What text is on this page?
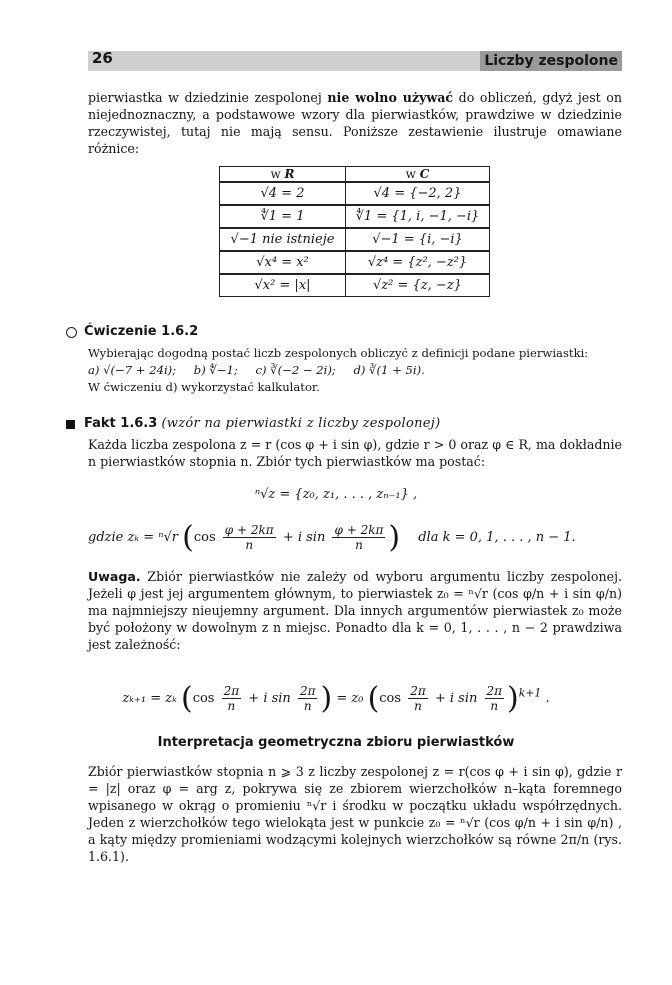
26	Liczby zespolone
pierwiastka w dziedzinie zespolonej nie wolno używać do obliczeń, gdyż jest on niejednoznaczny, a podstawowe wzory dla pierwiastków, prawdziwe w dziedzinie rzeczywistej, tutaj nie mają sensu. Poniższe zestawienie ilustruje omawiane różnice:
w R	w C
√4 = 2	√4 = {−2, 2}
∜1 = 1	∜1 = {1, i, −1, −i}
√−1 nie istnieje	√−1 = {i, −i}
√x⁴ = x²	√z⁴ = {z², −z²}
√x² = |x|	√z² = {z, −z}
Ćwiczenie 1.6.2
Wybierając dogodną postać liczb zespolonych obliczyć z definicji podane pierwiastki:
a) √(−7 + 24i); b) ∜−1; c) ∛(−2 − 2i); d) ∛(1 + 5i).
W ćwiczeniu d) wykorzystać kalkulator.
Fakt 1.6.3 (wzór na pierwiastki z liczby zespolonej)
Każda liczba zespolona z = r (cos φ + i sin φ), gdzie r > 0 oraz φ ∈ R, ma dokładnie n pierwiastków stopnia n. Zbiór tych pierwiastków ma postać:
ⁿ√z = {z₀, z₁, . . . , zₙ₋₁} ,
gdzie zₖ = ⁿ√r ($\cos \frac{\varphi + 2k\pi}{n} + i$ $\sin \frac{\varphi + 2k\pi}{n}$ ) dla k = 0, 1, . . . , n − 1.
Uwaga. Zbiór pierwiastków nie zależy od wyboru argumentu liczby zespolonej. Jeżeli φ jest jej argumentem głównym, to pierwiastek z₀ = ⁿ√r (cos φ/n + i sin φ/n) ma najmniejszy nieujemny argument. Dla innych argumentów pierwiastek z₀ może być położony w dowolnym z n miejsc. Ponadto dla k = 0, 1, . . . , n − 2 prawdziwa jest zależność:
zₖ₊₁ = zₖ ($\cos \frac{2\pi}{n} + i$ $\sin \frac{2\pi}{n}$ ) = z₀ ($\cos \frac{2\pi}{n} + i$ $\sin \frac{2\pi}{n} )^{k+1}$ .
Interpretacja geometryczna zbioru pierwiastków
Zbiór pierwiastków stopnia n ⩾ 3 z liczby zespolonej z = r(cos φ + i sin φ), gdzie r = |z| oraz φ = arg z, pokrywa się ze zbiorem wierzchołków n–kąta foremnego wpisanego w okrąg o promieniu ⁿ√r i środku w początku układu współrzędnych. Jeden z wierzchołków tego wielokąta jest w punkcie z₀ = ⁿ√r (cos φ/n + i sin φ/n) , a kąty między promieniami wodzącymi kolejnych wierzchołków są równe 2π/n (rys. 1.6.1).
